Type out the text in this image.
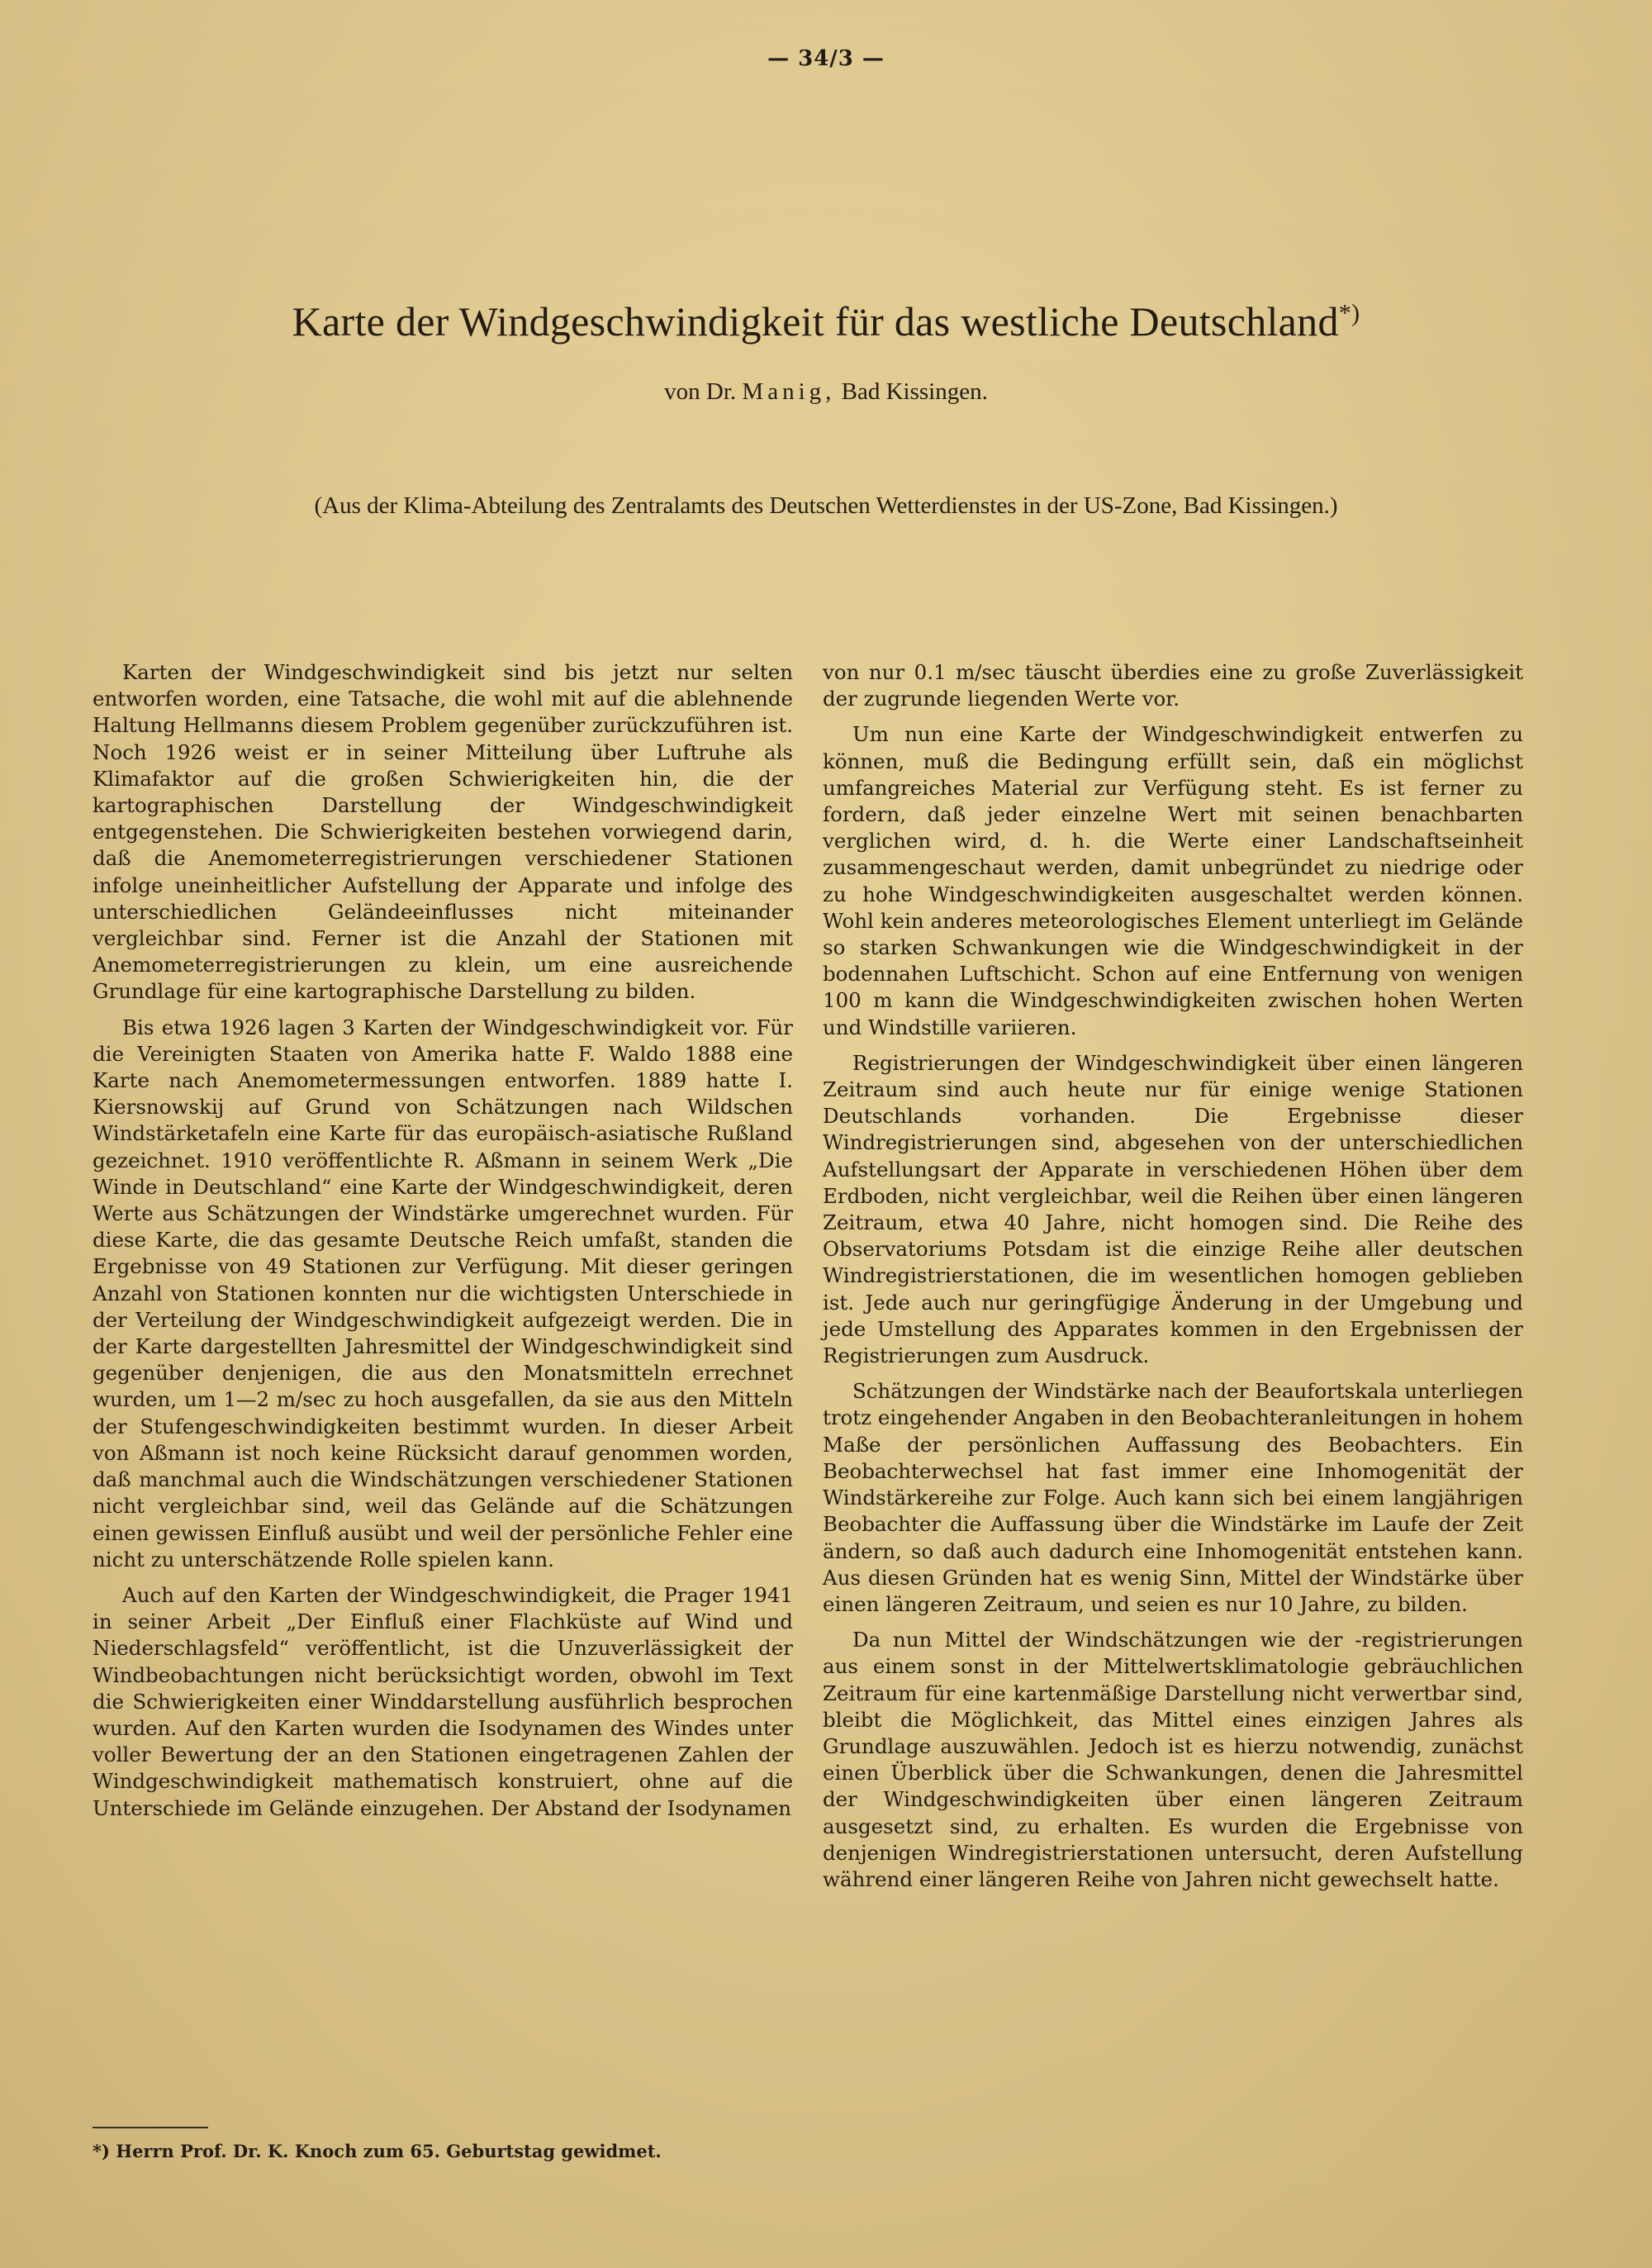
— 34/3 —
Karte der Windgeschwindigkeit für das westliche Deutschland*)
von Dr. Manig, Bad Kissingen.
(Aus der Klima-Abteilung des Zentralamts des Deutschen Wetterdienstes in der US-Zone, Bad Kissingen.)

Karten der Windgeschwindigkeit sind bis jetzt nur selten entworfen worden, eine Tatsache, die wohl mit auf die ablehnende Haltung Hellmanns diesem Problem gegenüber zurückzuführen ist. Noch 1926 weist er in seiner Mitteilung über Luftruhe als Klimafaktor auf die großen Schwierigkeiten hin, die der kartographischen Darstellung der Windgeschwindigkeit entgegenstehen. Die Schwierigkeiten bestehen vorwiegend darin, daß die Anemometerregistrierungen verschiedener Stationen infolge uneinheitlicher Aufstellung der Apparate und infolge des unterschiedlichen Geländeeinflusses nicht miteinander vergleichbar sind. Ferner ist die Anzahl der Stationen mit Anemometerregistrierungen zu klein, um eine ausreichende Grundlage für eine kartographische Darstellung zu bilden.

Bis etwa 1926 lagen 3 Karten der Windgeschwindigkeit vor. Für die Vereinigten Staaten von Amerika hatte F. Waldo 1888 eine Karte nach Anemometermessungen entworfen. 1889 hatte I. Kiersnowskij auf Grund von Schätzungen nach Wildschen Windstärketafeln eine Karte für das europäisch-asiatische Rußland gezeichnet. 1910 veröffentlichte R. Aßmann in seinem Werk „Die Winde in Deutschland“ eine Karte der Windgeschwindigkeit, deren Werte aus Schätzungen der Windstärke umgerechnet wurden. Für diese Karte, die das gesamte Deutsche Reich umfaßt, standen die Ergebnisse von 49 Stationen zur Verfügung. Mit dieser geringen Anzahl von Stationen konnten nur die wichtigsten Unterschiede in der Verteilung der Windgeschwindigkeit aufgezeigt werden. Die in der Karte dargestellten Jahresmittel der Windgeschwindigkeit sind gegenüber denjenigen, die aus den Monatsmitteln errechnet wurden, um 1—2 m/sec zu hoch ausgefallen, da sie aus den Mitteln der Stufengeschwindigkeiten bestimmt wurden. In dieser Arbeit von Aßmann ist noch keine Rücksicht darauf genommen worden, daß manchmal auch die Windschätzungen verschiedener Stationen nicht vergleichbar sind, weil das Gelände auf die Schätzungen einen gewissen Einfluß ausübt und weil der persönliche Fehler eine nicht zu unterschätzende Rolle spielen kann.

Auch auf den Karten der Windgeschwindigkeit, die Prager 1941 in seiner Arbeit „Der Einfluß einer Flachküste auf Wind und Niederschlagsfeld“ veröffentlicht, ist die Unzuverlässigkeit der Windbeobachtungen nicht berücksichtigt worden, obwohl im Text die Schwierigkeiten einer Winddarstellung ausführlich besprochen wurden. Auf den Karten wurden die Isodynamen des Windes unter voller Bewertung der an den Stationen eingetragenen Zahlen der Windgeschwindigkeit mathematisch konstruiert, ohne auf die Unterschiede im Gelände einzugehen. Der Abstand der Isodynamen

von nur 0.1 m/sec täuscht überdies eine zu große Zuverlässigkeit der zugrunde liegenden Werte vor.

Um nun eine Karte der Windgeschwindigkeit entwerfen zu können, muß die Bedingung erfüllt sein, daß ein möglichst umfangreiches Material zur Verfügung steht. Es ist ferner zu fordern, daß jeder einzelne Wert mit seinen benachbarten verglichen wird, d. h. die Werte einer Landschaftseinheit zusammengeschaut werden, damit unbegründet zu niedrige oder zu hohe Windgeschwindigkeiten ausgeschaltet werden können. Wohl kein anderes meteorologisches Element unterliegt im Gelände so starken Schwankungen wie die Windgeschwindigkeit in der bodennahen Luftschicht. Schon auf eine Entfernung von wenigen 100 m kann die Windgeschwindigkeiten zwischen hohen Werten und Windstille variieren.

Registrierungen der Windgeschwindigkeit über einen längeren Zeitraum sind auch heute nur für einige wenige Stationen Deutschlands vorhanden. Die Ergebnisse dieser Windregistrierungen sind, abgesehen von der unterschiedlichen Aufstellungsart der Apparate in verschiedenen Höhen über dem Erdboden, nicht vergleichbar, weil die Reihen über einen längeren Zeitraum, etwa 40 Jahre, nicht homogen sind. Die Reihe des Observatoriums Potsdam ist die einzige Reihe aller deutschen Windregistrierstationen, die im wesentlichen homogen geblieben ist. Jede auch nur geringfügige Änderung in der Umgebung und jede Umstellung des Apparates kommen in den Ergebnissen der Registrierungen zum Ausdruck.

Schätzungen der Windstärke nach der Beaufortskala unterliegen trotz eingehender Angaben in den Beobachteranleitungen in hohem Maße der persönlichen Auffassung des Beobachters. Ein Beobachterwechsel hat fast immer eine Inhomogenität der Windstärkereihe zur Folge. Auch kann sich bei einem langjährigen Beobachter die Auffassung über die Windstärke im Laufe der Zeit ändern, so daß auch dadurch eine Inhomogenität entstehen kann. Aus diesen Gründen hat es wenig Sinn, Mittel der Windstärke über einen längeren Zeitraum, und seien es nur 10 Jahre, zu bilden.

Da nun Mittel der Windschätzungen wie der -registrierungen aus einem sonst in der Mittelwertsklimatologie gebräuchlichen Zeitraum für eine kartenmäßige Darstellung nicht verwertbar sind, bleibt die Möglichkeit, das Mittel eines einzigen Jahres als Grundlage auszuwählen. Jedoch ist es hierzu notwendig, zunächst einen Überblick über die Schwankungen, denen die Jahresmittel der Windgeschwindigkeiten über einen längeren Zeitraum ausgesetzt sind, zu erhalten. Es wurden die Ergebnisse von denjenigen Windregistrierstationen untersucht, deren Aufstellung während einer längeren Reihe von Jahren nicht gewechselt hatte.

*) Herrn Prof. Dr. K. Knoch zum 65. Geburtstag gewidmet.
